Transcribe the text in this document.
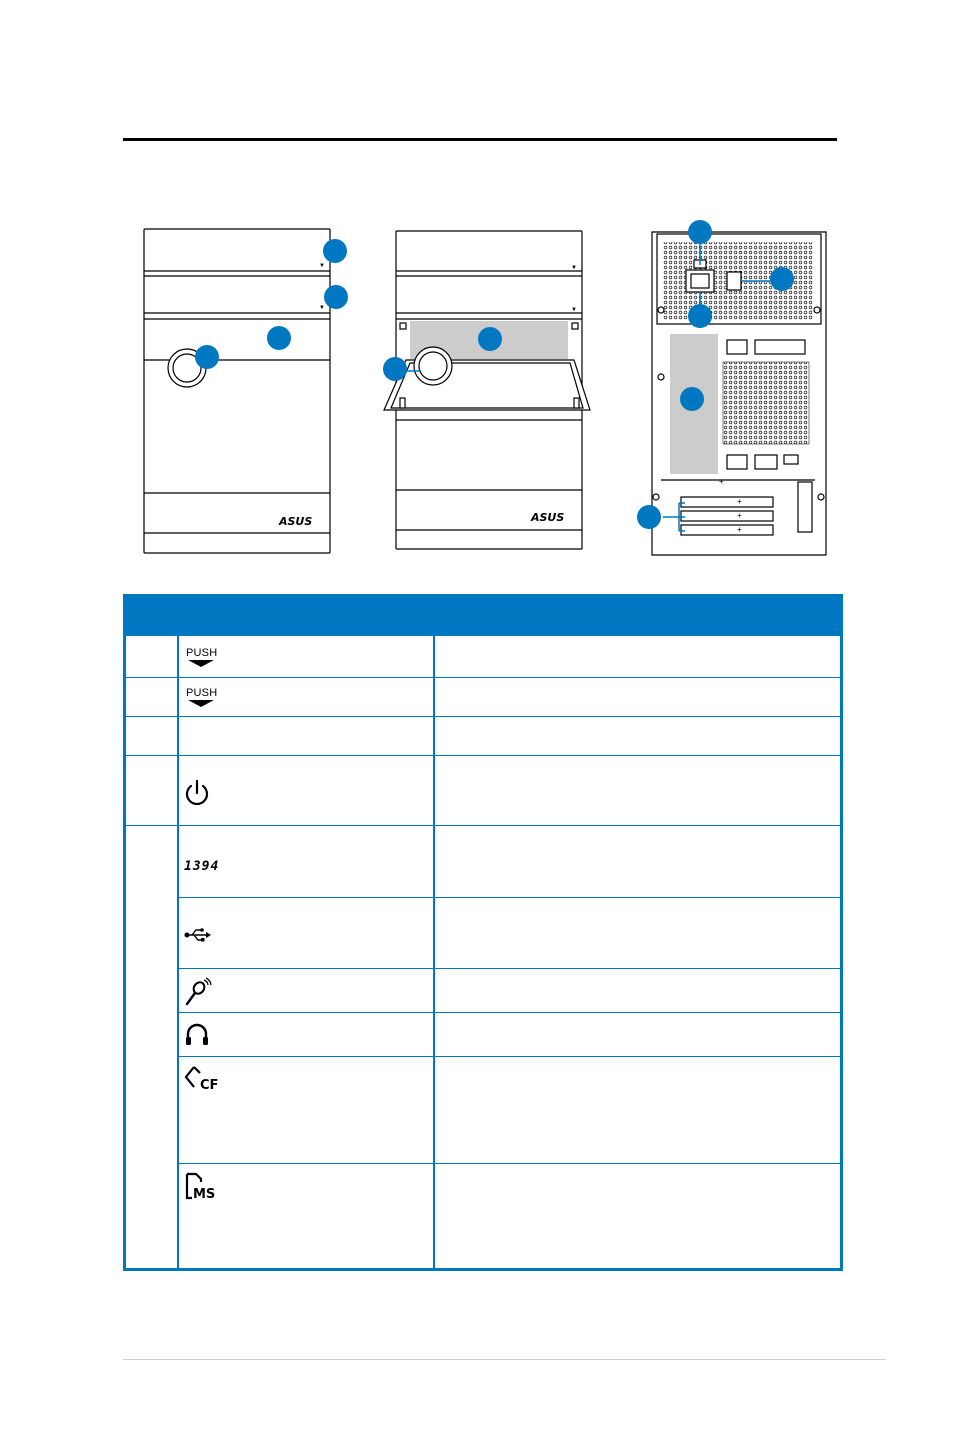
ASUS
▼
▼
ASUS
▼
▼
+
+
+
+
PUSH
PUSH
1394
CF
MS
